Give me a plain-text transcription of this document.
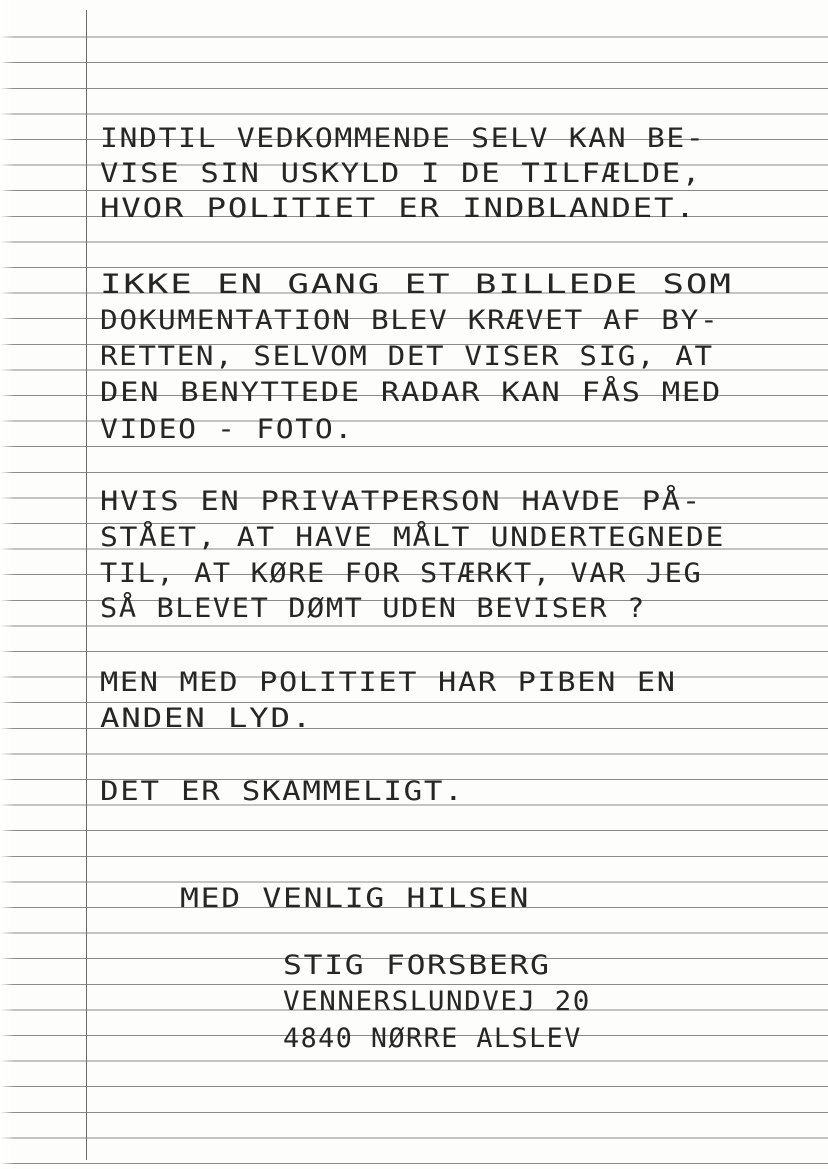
INDTIL VEDKOMMENDE SELV KAN BE-
VISE SIN USKYLD I DE TILFÆLDE,
HVOR POLITIET ER INDBLANDET.
IKKE EN GANG ET BILLEDE SOM
DOKUMENTATION BLEV KRÆVET AF BY-
RETTEN, SELVOM DET VISER SIG, AT
DEN BENYTTEDE RADAR KAN FÅS MED
VIDEO - FOTO.
HVIS EN PRIVATPERSON HAVDE PÅ-
STÅET, AT HAVE MÅLT UNDERTEGNEDE
TIL, AT KØRE FOR STÆRKT, VAR JEG
SÅ BLEVET DØMT UDEN BEVISER ?
MEN MED POLITIET HAR PIBEN EN
ANDEN LYD.
DET ER SKAMMELIGT.
MED VENLIG HILSEN
STIG FORSBERG
VENNERSLUNDVEJ 20
4840 NØRRE ALSLEV
